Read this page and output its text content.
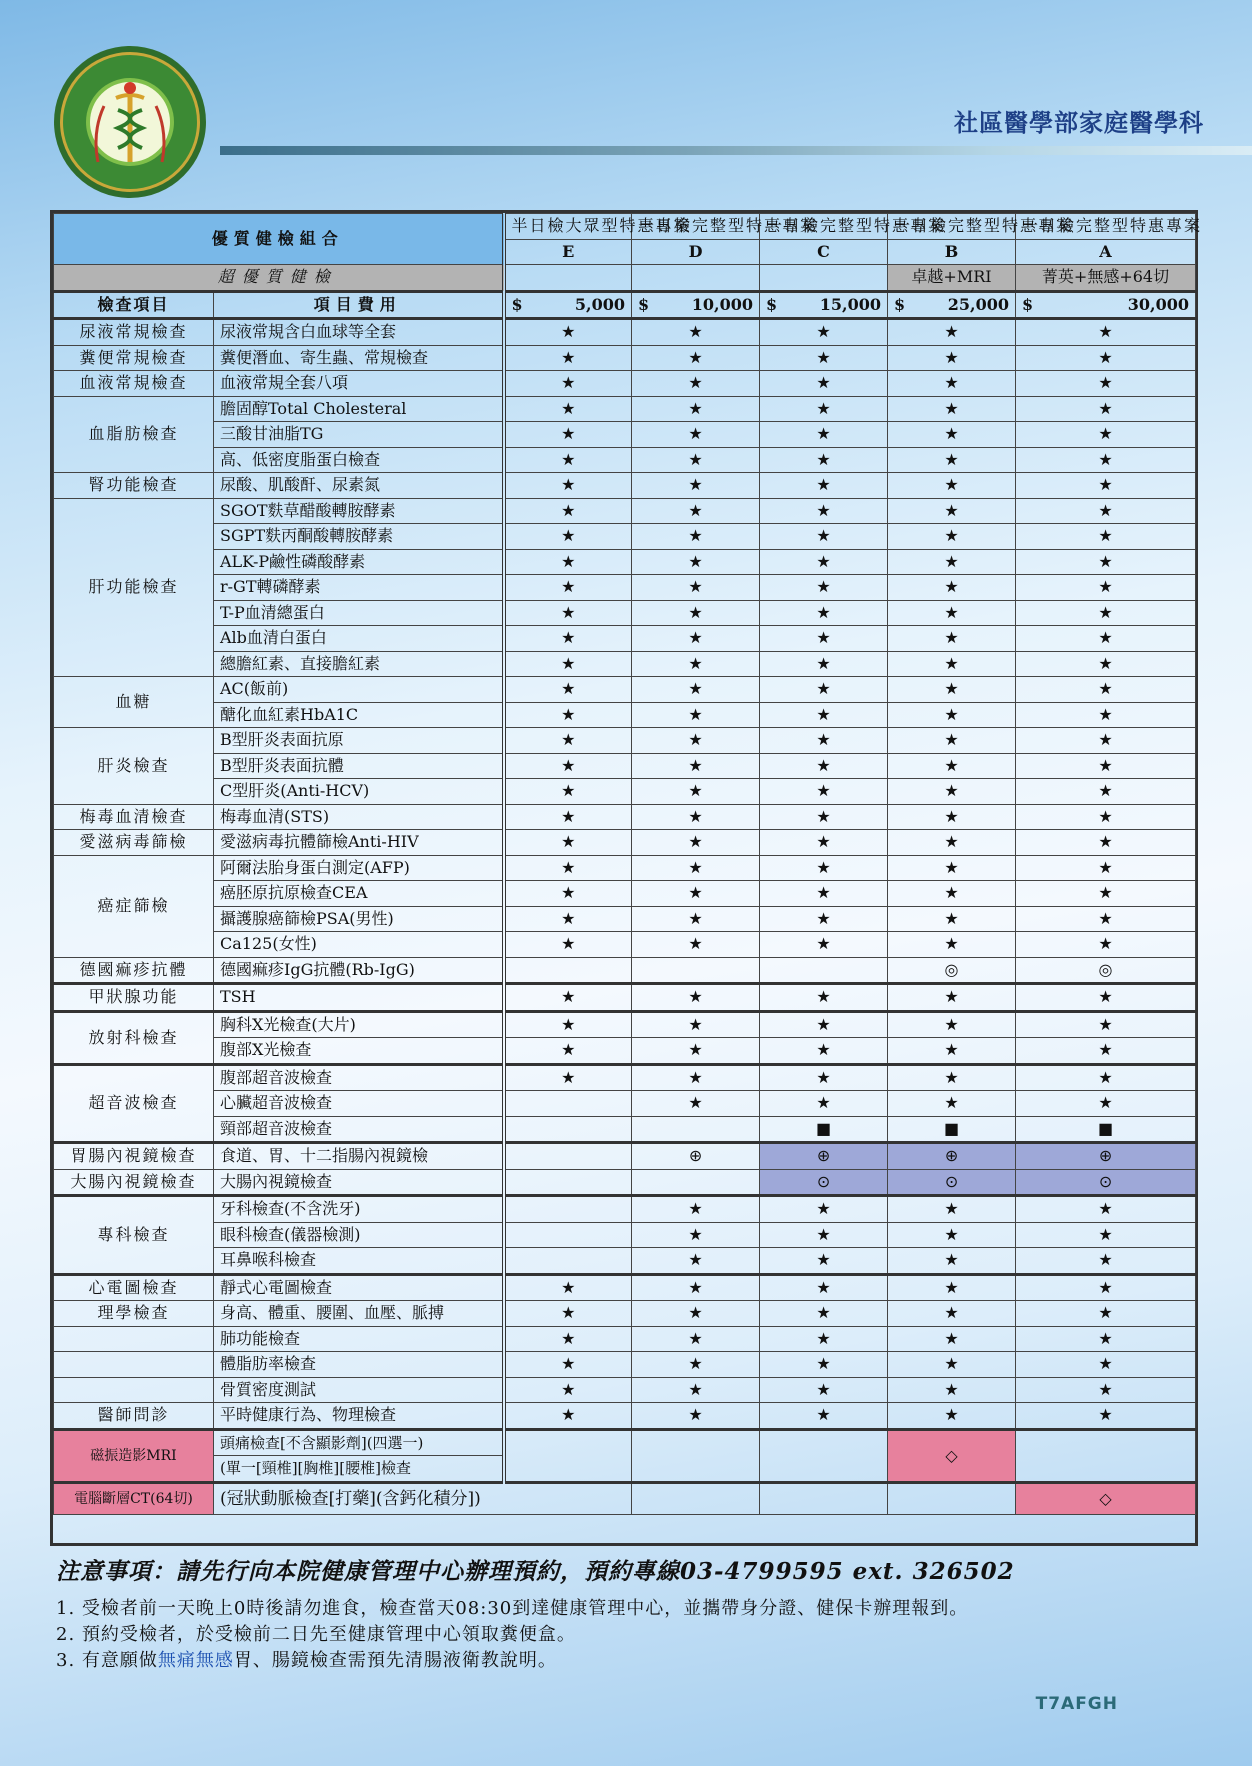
社區醫學部家庭醫學科
優質健檢組合		半日檢大眾型特惠專案	一日檢完整型特惠專案	一日檢完整型特惠專案	一日檢完整型特惠專案	一日檢完整型特惠專案
		E	D	C	B	A
超優質健檢					卓越+MRI	菁英+無感+64切
檢查項目	項目費用	$ 5,000	$ 10,000	$ 15,000	$ 25,000	$ 30,000

尿液常規檢查	尿液常規含白血球等全套	★	★	★	★	★
糞便常規檢查	糞便潛血、寄生蟲、常規檢查	★	★	★	★	★
血液常規檢查	血液常規全套八項	★	★	★	★	★
血脂肪檢查	膽固醇Total Cholesteral	★	★	★	★	★
	三酸甘油脂TG	★	★	★	★	★
	高、低密度脂蛋白檢查	★	★	★	★	★
腎功能檢查	尿酸、肌酸酐、尿素氮	★	★	★	★	★
肝功能檢查	SGOT麩草醋酸轉胺酵素	★	★	★	★	★
	SGPT麩丙酮酸轉胺酵素	★	★	★	★	★
	ALK-P鹼性磷酸酵素	★	★	★	★	★
	r-GT轉磷酵素	★	★	★	★	★
	T-P血清總蛋白	★	★	★	★	★
	Alb血清白蛋白	★	★	★	★	★
	總膽紅素、直接膽紅素	★	★	★	★	★
血糖	AC(飯前)	★	★	★	★	★
	醣化血紅素HbA1C	★	★	★	★	★
肝炎檢查	B型肝炎表面抗原	★	★	★	★	★
	B型肝炎表面抗體	★	★	★	★	★
	C型肝炎(Anti-HCV)	★	★	★	★	★
梅毒血清檢查	梅毒血清(STS)	★	★	★	★	★
愛滋病毒篩檢	愛滋病毒抗體篩檢Anti-HIV	★	★	★	★	★
癌症篩檢	阿爾法胎身蛋白測定(AFP)	★	★	★	★	★
	癌胚原抗原檢查CEA	★	★	★	★	★
	攝護腺癌篩檢PSA(男性)	★	★	★	★	★
	Ca125(女性)	★	★	★	★	★
德國痲疹抗體	德國痲疹IgG抗體(Rb-IgG)				◎	◎
甲狀腺功能	TSH	★	★	★	★	★
放射科檢查	胸科X光檢查(大片)	★	★	★	★	★
	腹部X光檢查	★	★	★	★	★
超音波檢查	腹部超音波檢查	★	★	★	★	★
	心臟超音波檢查		★	★	★	★
	頸部超音波檢查			■	■	■
胃腸內視鏡檢查	食道、胃、十二指腸內視鏡檢		⊕	⊕	⊕	⊕
大腸內視鏡檢查	大腸內視鏡檢查			⊙	⊙	⊙
專科檢查	牙科檢查(不含洗牙)		★	★	★	★
	眼科檢查(儀器檢測)		★	★	★	★
	耳鼻喉科檢查		★	★	★	★
心電圖檢查	靜式心電圖檢查	★	★	★	★	★
理學檢查	身高、體重、腰圍、血壓、脈搏	★	★	★	★	★
	肺功能檢查	★	★	★	★	★
	體脂肪率檢查	★	★	★	★	★
	骨質密度測試	★	★	★	★	★
醫師問診	平時健康行為、物理檢查	★	★	★	★	★
磁振造影MRI	頭痛檢查[不含顯影劑](四選一)				◇	
	(單一[頸椎][胸椎][腰椎]檢查					
電腦斷層CT(64切)	(冠狀動脈檢查[打藥](含鈣化積分])					◇
注意事項：請先行向本院健康管理中心辦理預約，預約專線03-4799595 ext. 326502
1. 受檢者前一天晚上0時後請勿進食，檢查當天08:30到達健康管理中心，並攜帶身分證、健保卡辦理報到。
2. 預約受檢者，於受檢前二日先至健康管理中心領取糞便盒。
3. 有意願做無痛無感胃、腸鏡檢查需預先清腸液衛教說明。
T7AFGH
